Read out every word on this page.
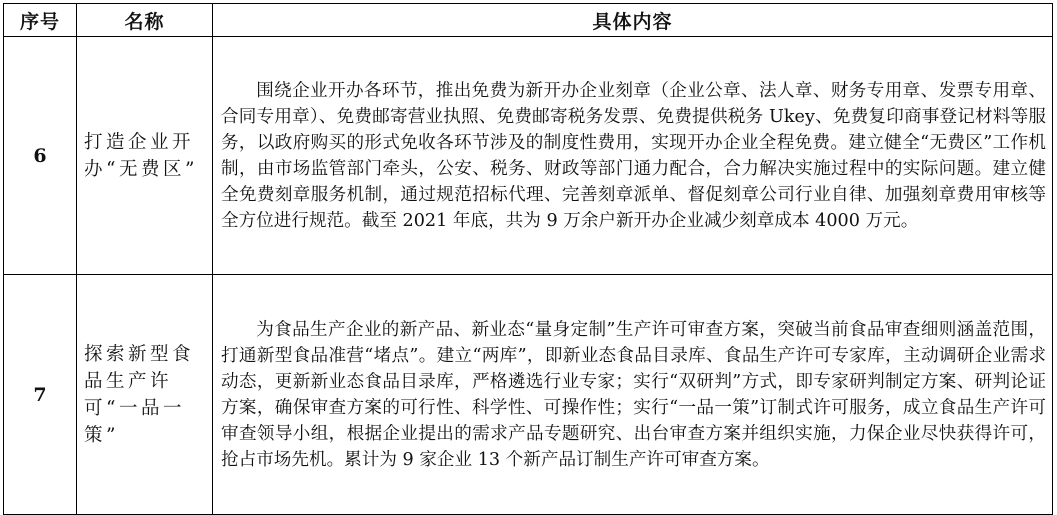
序号	名称	具体内容
6	打造企业开办“无费区”	围绕企业开办各环节，推出免费为新开办企业刻章（企业公章、法人章、财务专用章、发票专用章、合同专用章）、免费邮寄营业执照、免费邮寄税务发票、免费提供税务 Ukey、免费复印商事登记材料等服务，以政府购买的形式免收各环节涉及的制度性费用，实现开办企业全程免费。建立健全“无费区”工作机制，由市场监管部门牵头，公安、税务、财政等部门通力配合，合力解决实施过程中的实际问题。建立健全免费刻章服务机制，通过规范招标代理、完善刻章派单、督促刻章公司行业自律、加强刻章费用审核等全方位进行规范。截至 2021 年底，共为 9 万余户新开办企业减少刻章成本 4000 万元。
7	探索新型食品生产许可“一品一策”	为食品生产企业的新产品、新业态“量身定制”生产许可审查方案，突破当前食品审查细则涵盖范围，打通新型食品准营“堵点”。建立“两库”，即新业态食品目录库、食品生产许可专家库，主动调研企业需求动态，更新新业态食品目录库，严格遴选行业专家；实行“双研判”方式，即专家研判制定方案、研判论证方案，确保审查方案的可行性、科学性、可操作性；实行“一品一策”订制式许可服务，成立食品生产许可审查领导小组，根据企业提出的需求产品专题研究、出台审查方案并组织实施，力保企业尽快获得许可，抢占市场先机。累计为 9 家企业 13 个新产品订制生产许可审查方案。
